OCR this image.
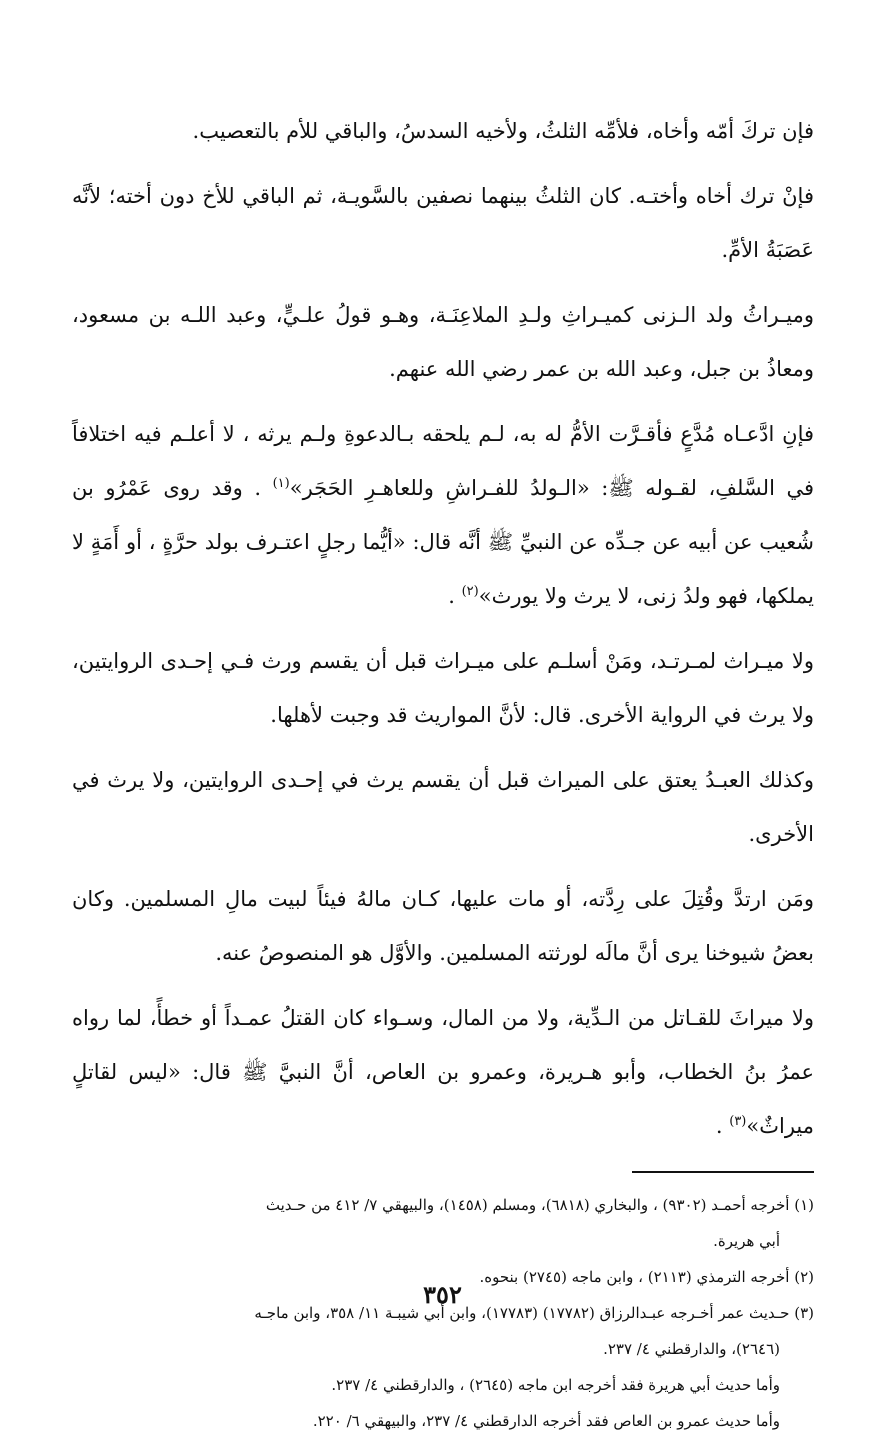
فإن تركَ أمّه وأخاه، فلأمِّه الثلثُ، ولأخيه السدسُ، والباقي للأم بالتعصيب.

فإنْ ترك أخاه وأختـه. كان الثلثُ بينهما نصفين بالسَّويـة، ثم الباقي للأخ دون أخته؛ لأنَّه عَصَبَةُ الأمِّ.

وميـراثُ ولد الـزنى كميـراثِ ولـدِ الملاعِنَـة، وهـو قولُ علـيٍّ، وعبد اللـه بن مسعود، ومعاذُ بن جبل، وعبد الله بن عمر رضي الله عنهم.

فإنِ ادَّعـاه مُدَّعٍ فأقـرَّت الأمُّ له به، لـم يلحقه بـالدعوةِ ولـم يرثه ، لا أعلـم فيه اختلافاً في السَّلفِ، لقـوله ﷺ: «الـولدُ للفـراشِ وللعاهـرِ الحَجَر»$^{(١)}$ . وقد روى عَمْرُو بن شُعيب عن أبيه عن جـدِّه عن النبيِّ ﷺ أنَّه قال: «أيُّما رجلٍ اعتـرف بولد حرَّةٍ ، أو أَمَةٍ لا يملكها، فهو ولدُ زنى، لا يرث ولا يورث»$^{(٢)}$ .

ولا ميـراث لمـرتـد، ومَنْ أسلـم على ميـراث قبل أن يقسم ورث فـي إحـدى الروايتين، ولا يرث في الرواية الأخرى. قال: لأنَّ المواريث قد وجبت لأهلها.

وكذلك العبـدُ يعتق على الميراث قبل أن يقسم يرث في إحـدى الروايتين، ولا يرث في الأخرى.

ومَن ارتدَّ وقُتِلَ على رِدَّته، أو مات عليها، كـان مالهُ فيئاً لبيت مالِ المسلمين. وكان بعضُ شيوخنا يرى أنَّ مالَه لورثته المسلمين. والأوَّل هو المنصوصُ عنه.

ولا ميراثَ للقـاتل من الـدِّية، ولا من المال، وسـواء كان القتلُ عمـداً أو خطأً، لما رواه عمرُ بنُ الخطاب، وأبو هـريرة، وعمرو بن العاص، أنَّ النبيَّ ﷺ قال: «ليس لقاتلٍ ميراثٌ»$^{(٣)}$ .

(١) أخرجه أحمـد (٩٣٠٢) ، والبخاري (٦٨١٨)، ومسلم (١٤٥٨)، والبيهقي ٧/ ٤١٢ من حـديث

أبي هريرة.

(٢) أخرجه الترمذي (٢١١٣) ، وابن ماجه (٢٧٤٥) بنحوه.

(٣) حـديث عمر أخـرجه عبـدالرزاق (١٧٧٨٢) (١٧٧٨٣)، وابن أبي شيبـة ١١/ ٣٥٨، وابن ماجـه

(٢٦٤٦)، والدارقطني ٤/ ٢٣٧.

وأما حديث أبي هريرة فقد أخرجه ابن ماجه (٢٦٤٥) ، والدارقطني ٤/ ٢٣٧.

وأما حديث عمرو بن العاص فقد أخرجه الدارقطني ٤/ ٢٣٧، والبيهقي ٦/ ٢٢٠.

٣٥٢
